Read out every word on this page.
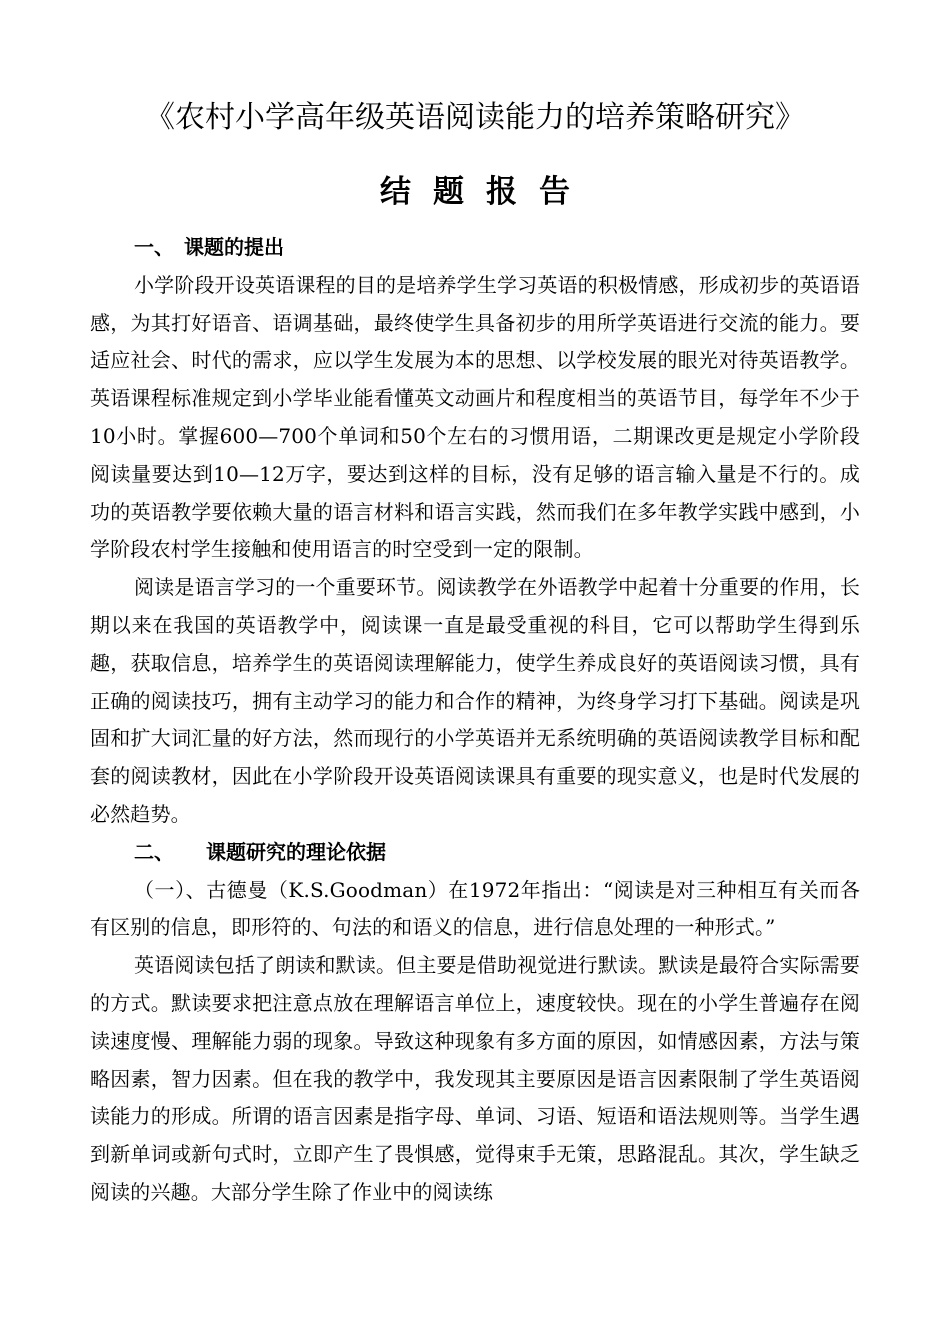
《农村小学高年级英语阅读能力的培养策略研究》
结题报告
一、 课题的提出

小学阶段开设英语课程的目的是培养学生学习英语的积极情感，形成初步的英语语感，为其打好语音、语调基础，最终使学生具备初步的用所学英语进行交流的能力。要适应社会、时代的需求，应以学生发展为本的思想、以学校发展的眼光对待英语教学。英语课程标准规定到小学毕业能看懂英文动画片和程度相当的英语节目，每学年不少于10小时。掌握600—700个单词和50个左右的习惯用语，二期课改更是规定小学阶段阅读量要达到10—12万字，要达到这样的目标，没有足够的语言输入量是不行的。成功的英语教学要依赖大量的语言材料和语言实践，然而我们在多年教学实践中感到，小学阶段农村学生接触和使用语言的时空受到一定的限制。

阅读是语言学习的一个重要环节。阅读教学在外语教学中起着十分重要的作用，长期以来在我国的英语教学中，阅读课一直是最受重视的科目，它可以帮助学生得到乐趣，获取信息，培养学生的英语阅读理解能力，使学生养成良好的英语阅读习惯，具有正确的阅读技巧，拥有主动学习的能力和合作的精神，为终身学习打下基础。阅读是巩固和扩大词汇量的好方法，然而现行的小学英语并无系统明确的英语阅读教学目标和配套的阅读教材，因此在小学阶段开设英语阅读课具有重要的现实意义，也是时代发展的必然趋势。

二、 课题研究的理论依据

（一）、古德曼（K.S.Goodman）在1972年指出：“阅读是对三种相互有关而各有区别的信息，即形符的、句法的和语义的信息，进行信息处理的一种形式。”

英语阅读包括了朗读和默读。但主要是借助视觉进行默读。默读是最符合实际需要的方式。默读要求把注意点放在理解语言单位上，速度较快。现在的小学生普遍存在阅读速度慢、理解能力弱的现象。导致这种现象有多方面的原因，如情感因素，方法与策略因素，智力因素。但在我的教学中，我发现其主要原因是语言因素限制了学生英语阅读能力的形成。所谓的语言因素是指字母、单词、习语、短语和语法规则等。当学生遇到新单词或新句式时，立即产生了畏惧感，觉得束手无策，思路混乱。其次，学生缺乏阅读的兴趣。大部分学生除了作业中的阅读练
